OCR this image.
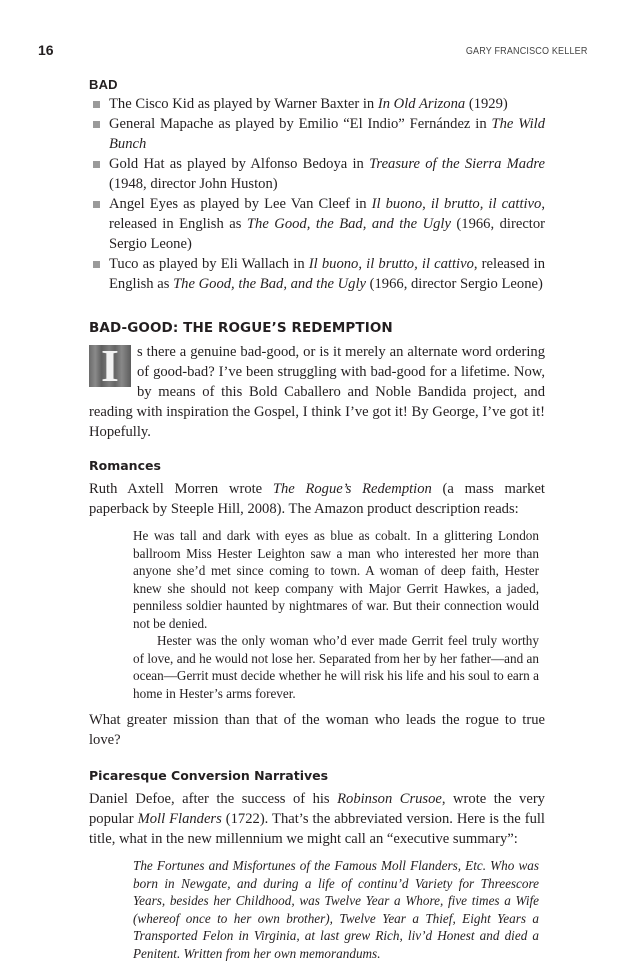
16	GARY FRANCISCO KELLER
BAD
The Cisco Kid as played by Warner Baxter in In Old Arizona (1929)
General Mapache as played by Emilio “El Indio” Fernández in The Wild Bunch
Gold Hat as played by Alfonso Bedoya in Treasure of the Sierra Madre (1948, director John Huston)
Angel Eyes as played by Lee Van Cleef in Il buono, il brutto, il cattivo, released in English as The Good, the Bad, and the Ugly (1966, director Sergio Leone)
Tuco as played by Eli Wallach in Il buono, il brutto, il cattivo, released in English as The Good, the Bad, and the Ugly (1966, director Sergio Leone)
BAD-GOOD: THE ROGUE’S REDEMPTION
I	s there a genuine bad-good, or is it merely an alternate word ordering of good-bad? I’ve been struggling with bad-good for a lifetime. Now, by means of this Bold Caballero and Noble Bandida project, and reading with inspiration the Gospel, I think I’ve got it! By George, I’ve got it! Hopefully.

Romances

Ruth Axtell Morren wrote The Rogue’s Redemption (a mass market paperback by Steeple Hill, 2008). The Amazon product description reads:

He was tall and dark with eyes as blue as cobalt. In a glittering London ballroom Miss Hester Leighton saw a man who interested her more than anyone she’d met since coming to town. A woman of deep faith, Hester knew she should not keep company with Major Gerrit Hawkes, a jaded, penniless soldier haunted by nightmares of war. But their connection would not be denied.

Hester was the only woman who’d ever made Gerrit feel truly worthy of love, and he would not lose her. Separated from her by her father—and an ocean—Gerrit must decide whether he will risk his life and his soul to earn a home in Hester’s arms forever.

What greater mission than that of the woman who leads the rogue to true love?

Picaresque Conversion Narratives

Daniel Defoe, after the success of his Robinson Crusoe, wrote the very popular Moll Flanders (1722). That’s the abbreviated version. Here is the full title, what in the new millennium we might call an “executive summary”:

The Fortunes and Misfortunes of the Famous Moll Flanders, Etc. Who was born in Newgate, and during a life of continu’d Variety for Threescore Years, besides her Childhood, was Twelve Year a Whore, five times a Wife (whereof once to her own brother), Twelve Year a Thief, Eight Years a Transported Felon in Virginia, at last grew Rich, liv’d Honest and died a Penitent. Written from her own memorandums.
